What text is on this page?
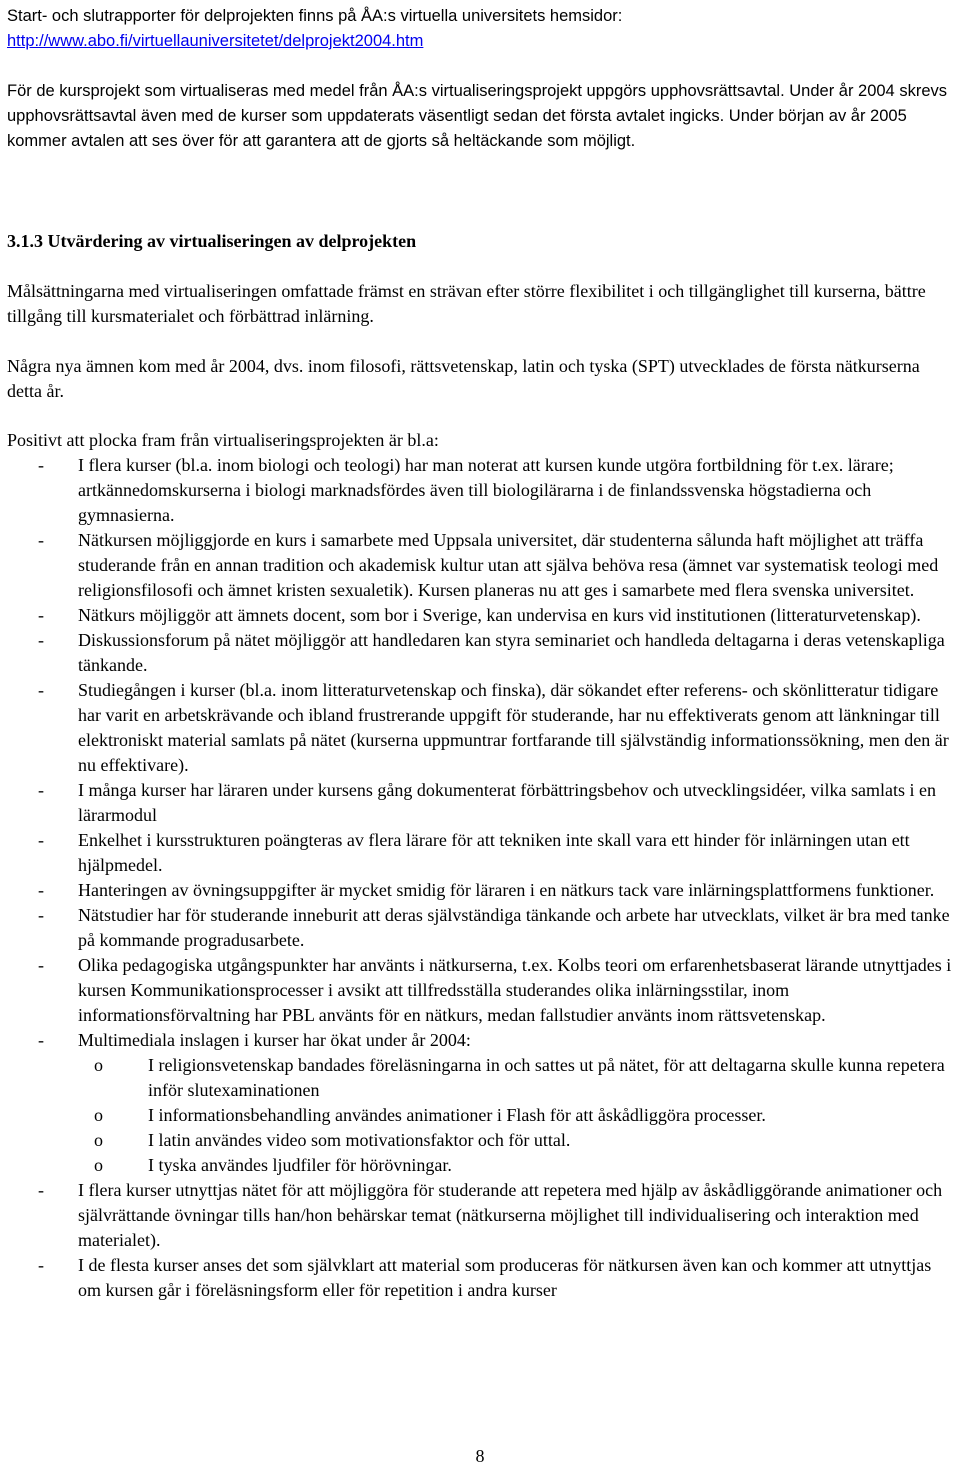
Start- och slutrapporter för delprojekten finns på ÅA:s virtuella universitets hemsidor:
http://www.abo.fi/virtuellauniversitetet/delprojekt2004.htm
För de kursprojekt som virtualiseras med medel från ÅA:s virtualiseringsprojekt uppgörs upphovsrättsavtal. Under år 2004 skrevs upphovsrättsavtal även med de kurser som uppdaterats väsentligt sedan det första avtalet ingicks. Under början av år 2005 kommer avtalen att ses över för att garantera att de gjorts så heltäckande som möjligt.
3.1.3 Utvärdering av virtualiseringen av delprojekten
Målsättningarna med virtualiseringen omfattade främst en strävan efter större flexibilitet i och tillgänglighet till kurserna, bättre tillgång till kursmaterialet och förbättrad inlärning.
Några nya ämnen kom med år 2004, dvs. inom filosofi, rättsvetenskap, latin och tyska (SPT) utvecklades de första nätkurserna detta år.
Positivt att plocka fram från virtualiseringsprojekten är bl.a:
- I flera kurser (bl.a. inom biologi och teologi) har man noterat att kursen kunde utgöra fortbildning för t.ex. lärare; artkännedomskurserna i biologi marknadsfördes även till biologilärarna i de finlandssvenska högstadierna och gymnasierna.
- Nätkursen möjliggjorde en kurs i samarbete med Uppsala universitet, där studenterna sålunda haft möjlighet att träffa studerande från en annan tradition och akademisk kultur utan att själva behöva resa (ämnet var systematisk teologi med religionsfilosofi och ämnet kristen sexualetik). Kursen planeras nu att ges i samarbete med flera svenska universitet.
- Nätkurs möjliggör att ämnets docent, som bor i Sverige, kan undervisa en kurs vid institutionen (litteraturvetenskap).
- Diskussionsforum på nätet möjliggör att handledaren kan styra seminariet och handleda deltagarna i deras vetenskapliga tänkande.
- Studiegången i kurser (bl.a. inom litteraturvetenskap och finska), där sökandet efter referens- och skönlitteratur tidigare har varit en arbetskrävande och ibland frustrerande uppgift för studerande, har nu effektiverats genom att länkningar till elektroniskt material samlats på nätet (kurserna uppmuntrar fortfarande till självständig informationssökning, men den är nu effektivare).
- I många kurser har läraren under kursens gång dokumenterat förbättringsbehov och utvecklingsidéer, vilka samlats i en lärarmodul
- Enkelhet i kursstrukturen poängteras av flera lärare för att tekniken inte skall vara ett hinder för inlärningen utan ett hjälpmedel.
- Hanteringen av övningsuppgifter är mycket smidig för läraren i en nätkurs tack vare inlärningsplattformens funktioner.
- Nätstudier har för studerande inneburit att deras självständiga tänkande och arbete har utvecklats, vilket är bra med tanke på kommande progradusarbete.
- Olika pedagogiska utgångspunkter har använts i nätkurserna, t.ex. Kolbs teori om erfarenhetsbaserat lärande utnyttjades i kursen Kommunikationsprocesser i avsikt att tillfredsställa studerandes olika inlärningsstilar, inom informationsförvaltning har PBL använts för en nätkurs, medan fallstudier använts inom rättsvetenskap.
- Multimediala inslagen i kurser har ökat under år 2004:
o	I religionsvetenskap bandades föreläsningarna in och sattes ut på nätet, för att deltagarna skulle kunna repetera inför slutexaminationen
o	I informationsbehandling användes animationer i Flash för att åskådliggöra processer.
o	I latin användes video som motivationsfaktor och för uttal.
o	I tyska användes ljudfiler för hörövningar.
- I flera kurser utnyttjas nätet för att möjliggöra för studerande att repetera med hjälp av åskådliggörande animationer och självrättande övningar tills han/hon behärskar temat (nätkurserna möjlighet till individualisering och interaktion med materialet).
- I de flesta kurser anses det som självklart att material som produceras för nätkursen även kan och kommer att utnyttjas om kursen går i föreläsningsform eller för repetition i andra kurser
8
